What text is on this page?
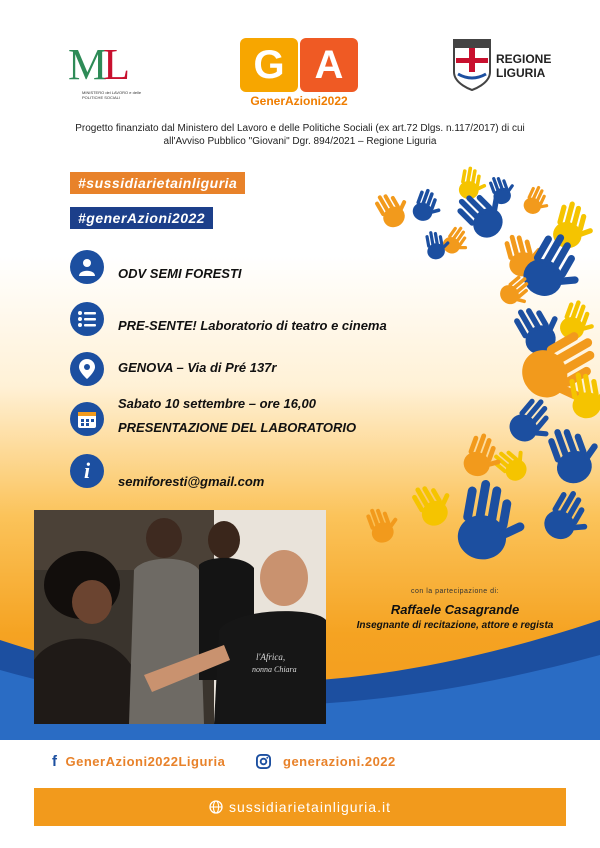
ML
MINISTERO del LAVORO e delle POLITICHE SOCIALI
G A
GenerAzioni2022
REGIONE
LIGURIA
Progetto finanziato dal Ministero del Lavoro e delle Politiche Sociali (ex art.72 Dlgs. n.117/2017) di cui
all'Avviso Pubblico "Giovani" Dgr. 894/2021 – Regione Liguria
#sussidiarietainliguria
#generAzioni2022
ODV SEMI FORESTI
PRE-SENTE! Laboratorio di teatro e cinema
GENOVA – Via di Pré 137r
Sabato 10 settembre – ore 16,00
PRESENTAZIONE DEL LABORATORIO
i semiforesti@gmail.com
l'Africa,
nonna Chiara
con la partecipazione di:
Raffaele Casagrande
Insegnante di recitazione, attore e regista
f GenerAzioni2022Liguria	generazioni.2022
sussidiarietainliguria.it
